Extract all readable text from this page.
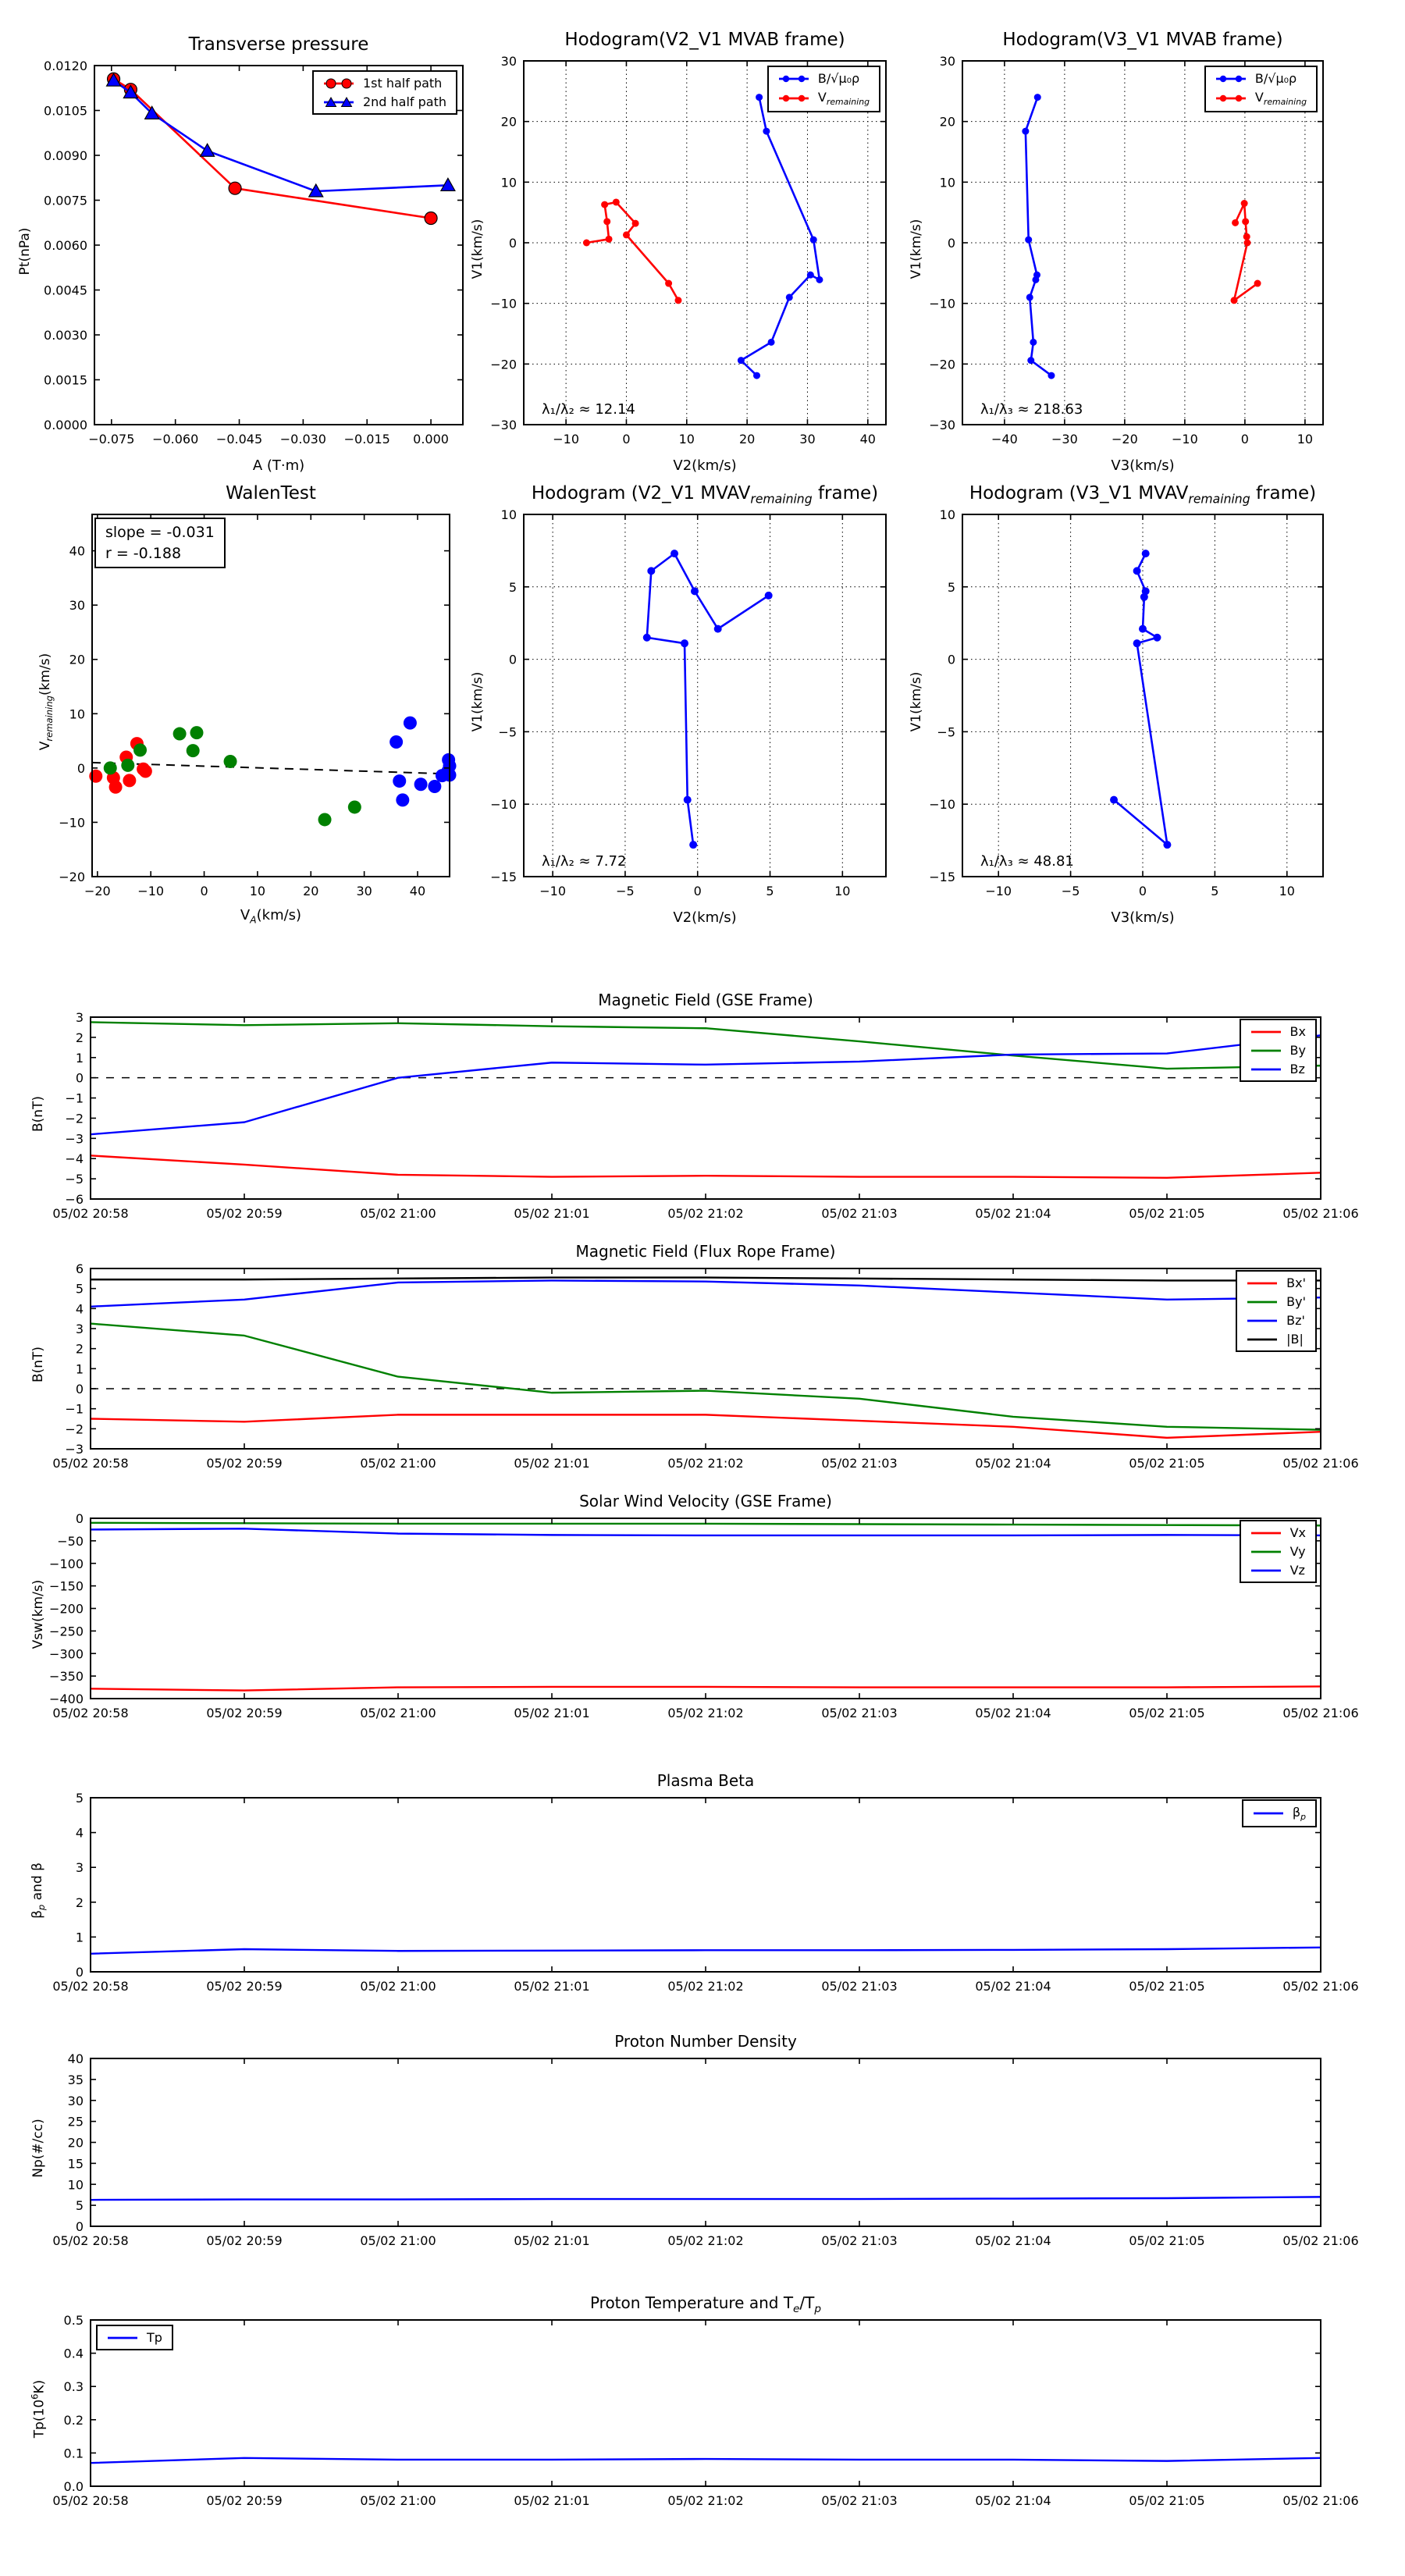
Transverse pressure
Pt(nPa)
−0.075 −0.060 −0.045 −0.030 −0.015 0.000
0.0000
0.0015
0.0030
0.0045
0.0060
0.0075
0.0090
0.0105
0.0120
A (T·m)
1st half path
2nd half path
Hodogram(V2_V1 MVAB frame)
V1(km/s)
−10	0	10	20	30	40
−30
−20
−10
0
10
20
30
V2(km/s)
B/√μ₀ρ
$V_{remaining}$
λ₁/λ₂ ≈ 12.14
Hodogram(V3_V1 MVAB frame)
V1(km/s)
−40	−30	−20	−10	0	10
−30
−20
−10
0
10
20
30
V3(km/s)
B/√μ₀ρ
$V_{remaining}$
λ₁/λ₃ ≈ 218.63
WalenTest
$V_{remaining}(km/s)$
−20 −10	0	10	20	30	40
−20
−10
0
10
20
30
40
$V_A(km/s)$
slope = -0.031
r = -0.188
Hodogram (V2_V1 $MVAV_{remaining}$ frame)
V1(km/s)
−10	−5	0	5	10
−15
−10
−5
0
5
10
V2(km/s)
λ₁/λ₂ ≈ 7.72
Hodogram (V3_V1 $MVAV_{remaining}$ frame)
V1(km/s)
−10	−5	0	5	10
−15
−10
−5
0
5
10
V3(km/s)
λ₁/λ₃ ≈ 48.81
Magnetic Field (GSE Frame)
B(nT)
05/02 20:58	05/02 20:59	05/02 21:00	05/02 21:01	05/02 21:02	05/02 21:03	05/02 21:04	05/02 21:05	05/02 21:06
−6
−5
−4
−3
−2
−1
0
1
2
3
Bx
By
Bz
Magnetic Field (Flux Rope Frame)
B(nT)
05/02 20:58	05/02 20:59	05/02 21:00	05/02 21:01	05/02 21:02	05/02 21:03	05/02 21:04	05/02 21:05	05/02 21:06
−3
−2
−1
0
1
2
3
4
5
6
Bx'
By'
Bz'
|B|
Solar Wind Velocity (GSE Frame)
Vsw(km/s)
05/02 20:58	05/02 20:59	05/02 21:00	05/02 21:01	05/02 21:02	05/02 21:03	05/02 21:04	05/02 21:05	05/02 21:06
−400
−350
−300
−250
−200
−150
−100
−50
0
Vx
Vy
Vz
Plasma Beta
$\beta_p$ and β
05/02 20:58	05/02 20:59	05/02 21:00	05/02 21:01	05/02 21:02	05/02 21:03	05/02 21:04	05/02 21:05	05/02 21:06
0
1
2
3
4
5
$\beta_p$
Proton Number Density
Np(#/cc)
05/02 20:58	05/02 20:59	05/02 21:00	05/02 21:01	05/02 21:02	05/02 21:03	05/02 21:04	05/02 21:05	05/02 21:06
0
5
10
15
20
25
30
35
40
Proton Temperature and $T_e/T_p$
$Tp(10^6K)$
05/02 20:58	05/02 20:59	05/02 21:00	05/02 21:01	05/02 21:02	05/02 21:03	05/02 21:04	05/02 21:05	05/02 21:06
0.0
0.1
0.2
0.3
0.4
0.5
Tp
